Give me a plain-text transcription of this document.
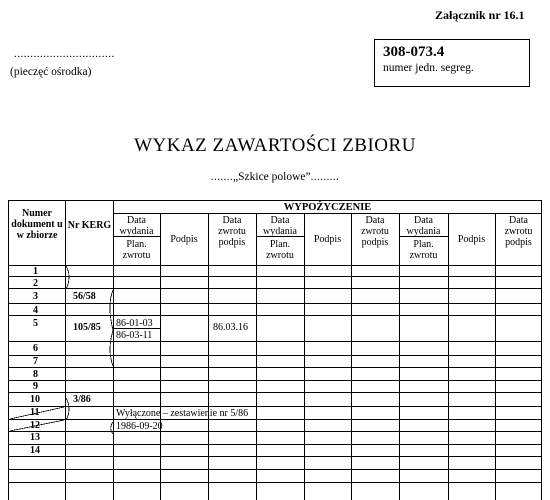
Załącznik nr 16.1
...............................
(pieczęć ośrodka)
308-073.4
numer jedn. segreg.
WYKAZ ZAWARTOŚCI ZBIORU
.......„Szkice polowe”.........
Numer dokument u w zbiorze
Nr KERG
WYPOŻYCZENIE
Data wydania
Plan. zwrotu
Podpis
Data zwrotu podpis
Data wydania
Plan. zwrotu
Podpis
Data zwrotu podpis
Data wydania
Plan. zwrotu
Podpis
Data zwrotu podpis
1
2
3
4
5
6
7
8
9
10
11
12
13
14
56/58
105/85
3/86
86-01-03
86-03-11
86.03.16
Wyłączone – zestawienie nr 5/86
1986-09-20
